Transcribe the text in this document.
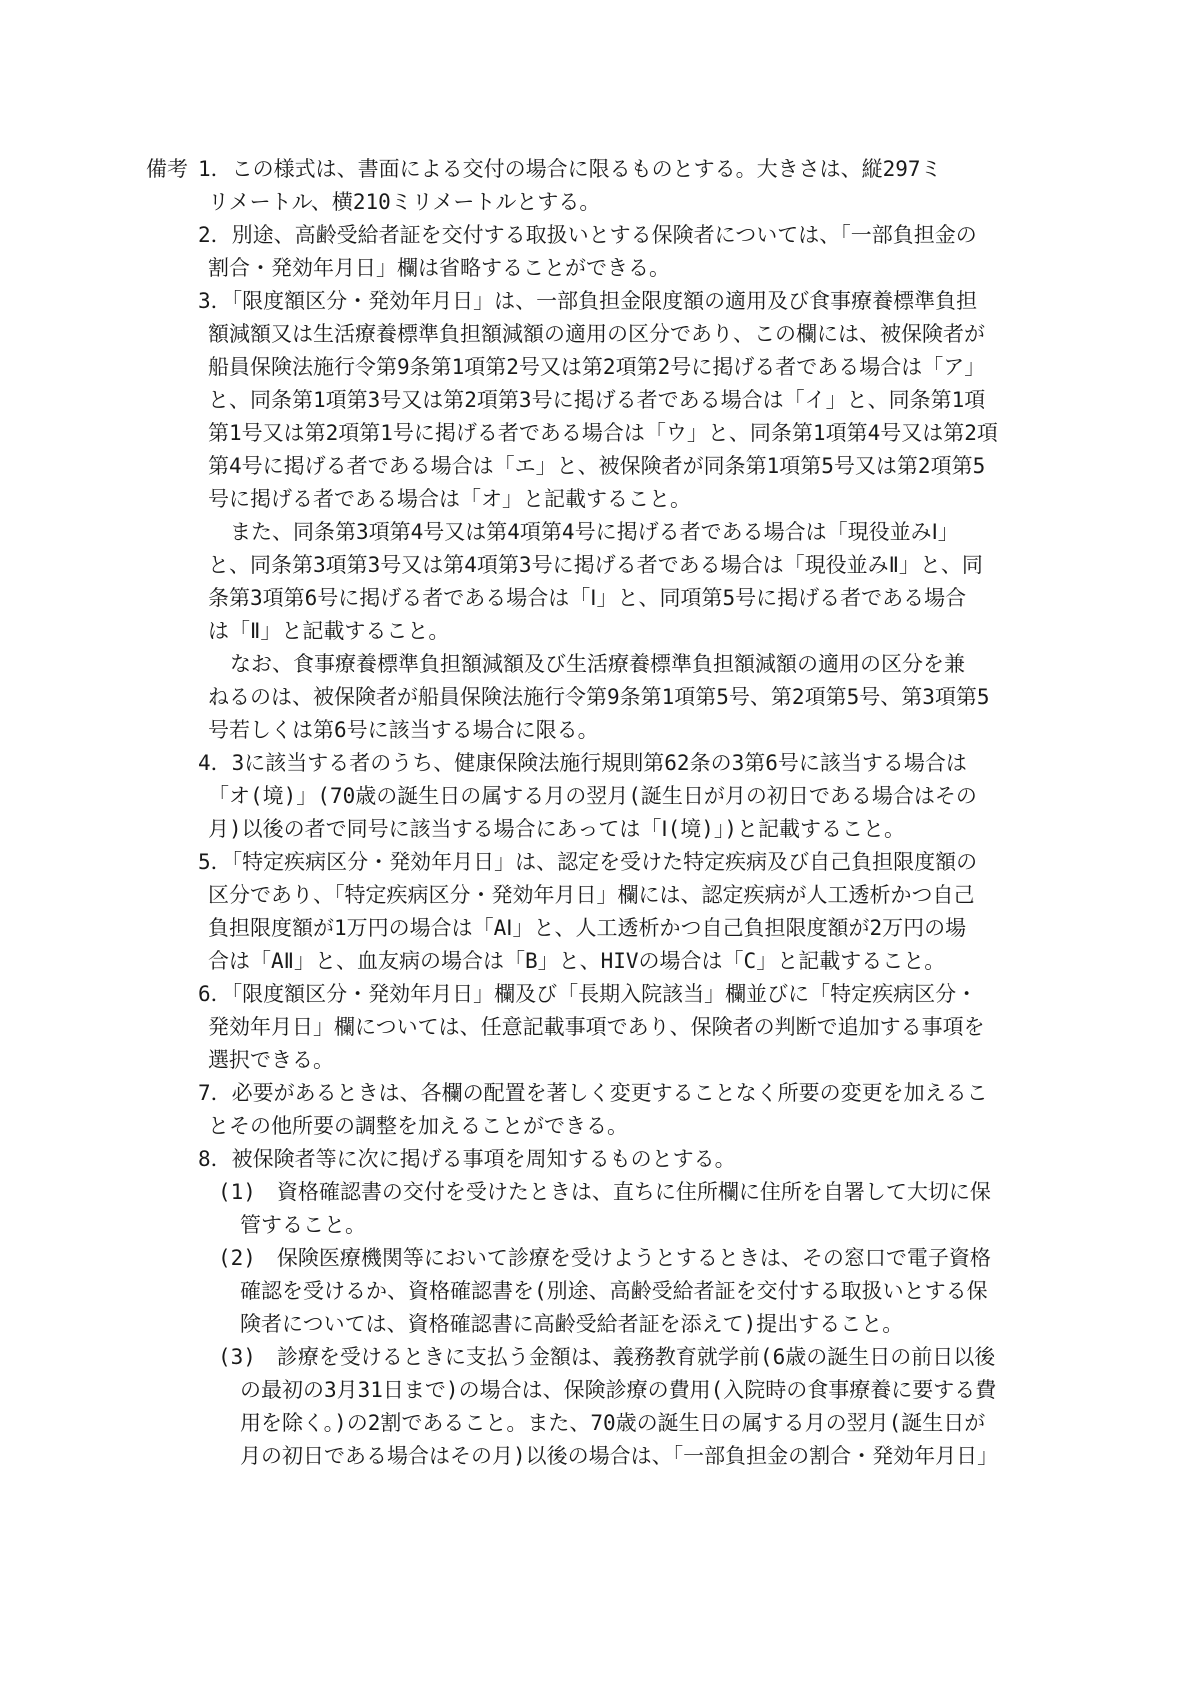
備考 1．この様式は、書面による交付の場合に限るものとする。大きさは、縦297ミ
リメートル、横210ミリメートルとする。
2．別途、高齢受給者証を交付する取扱いとする保険者については、「一部負担金の
割合・発効年月日」欄は省略することができる。
3．「限度額区分・発効年月日」は、一部負担金限度額の適用及び食事療養標準負担
額減額又は生活療養標準負担額減額の適用の区分であり、この欄には、被保険者が
船員保険法施行令第9条第1項第2号又は第2項第2号に掲げる者である場合は「ア」
と、同条第1項第3号又は第2項第3号に掲げる者である場合は「イ」と、同条第1項
第1号又は第2項第1号に掲げる者である場合は「ウ」と、同条第1項第4号又は第2項
第4号に掲げる者である場合は「エ」と、被保険者が同条第1項第5号又は第2項第5
号に掲げる者である場合は「オ」と記載すること。
また、同条第3項第4号又は第4項第4号に掲げる者である場合は「現役並みⅠ」
と、同条第3項第3号又は第4項第3号に掲げる者である場合は「現役並みⅡ」と、同
条第3項第6号に掲げる者である場合は「Ⅰ」と、同項第5号に掲げる者である場合
は「Ⅱ」と記載すること。
なお、食事療養標準負担額減額及び生活療養標準負担額減額の適用の区分を兼
ねるのは、被保険者が船員保険法施行令第9条第1項第5号、第2項第5号、第3項第5
号若しくは第6号に該当する場合に限る。
4．3に該当する者のうち、健康保険法施行規則第62条の3第6号に該当する場合は
「オ(境)」(70歳の誕生日の属する月の翌月(誕生日が月の初日である場合はその
月)以後の者で同号に該当する場合にあっては「Ⅰ(境)」)と記載すること。
5．「特定疾病区分・発効年月日」は、認定を受けた特定疾病及び自己負担限度額の
区分であり、「特定疾病区分・発効年月日」欄には、認定疾病が人工透析かつ自己
負担限度額が1万円の場合は「AⅠ」と、人工透析かつ自己負担限度額が2万円の場
合は「AⅡ」と、血友病の場合は「B」と、HIVの場合は「C」と記載すること。
6．「限度額区分・発効年月日」欄及び「長期入院該当」欄並びに「特定疾病区分・
発効年月日」欄については、任意記載事項であり、保険者の判断で追加する事項を
選択できる。
7．必要があるときは、各欄の配置を著しく変更することなく所要の変更を加えるこ
とその他所要の調整を加えることができる。
8．被保険者等に次に掲げる事項を周知するものとする。
(1)　資格確認書の交付を受けたときは、直ちに住所欄に住所を自署して大切に保
管すること。
(2)　保険医療機関等において診療を受けようとするときは、その窓口で電子資格
確認を受けるか、資格確認書を(別途、高齢受給者証を交付する取扱いとする保
険者については、資格確認書に高齢受給者証を添えて)提出すること。
(3)　診療を受けるときに支払う金額は、義務教育就学前(6歳の誕生日の前日以後
の最初の3月31日まで)の場合は、保険診療の費用(入院時の食事療養に要する費
用を除く。)の2割であること。また、70歳の誕生日の属する月の翌月(誕生日が
月の初日である場合はその月)以後の場合は、「一部負担金の割合・発効年月日」
